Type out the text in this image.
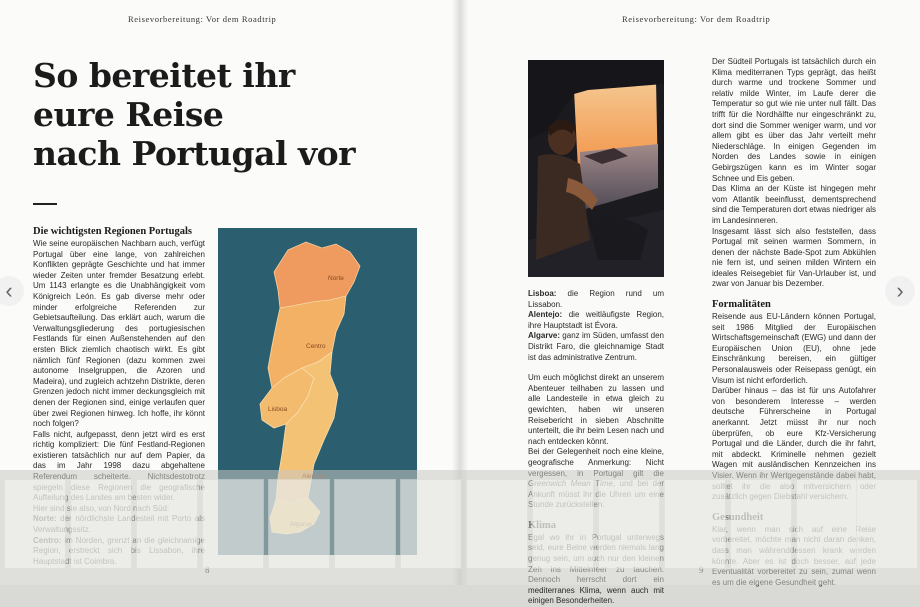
Reisevorbereitung: Vor dem Roadtrip
So bereitet ihr
eure Reise
nach Portugal vor
Die wichtigsten Regionen Portugals

Wie seine europäischen Nachbarn auch, verfügt Portugal über eine lange, von zahlreichen Konflikten geprägte Geschichte und hat immer wieder Zeiten unter fremder Besatzung erlebt. Um 1143 erlangte es die Unabhängigkeit vom Königreich León. Es gab diverse mehr oder minder erfolgreiche Referenden zur Gebietsaufteilung. Das erklärt auch, warum die Verwaltungsgliederung des portugiesischen Festlands für einen Außenstehenden auf den ersten Blick ziemlich chaotisch wirkt. Es gibt nämlich fünf Regionen (dazu kommen zwei autonome Inselgruppen, die Azoren und Madeira), und zugleich achtzehn Distrikte, deren Grenzen jedoch nicht immer deckungsgleich mit denen der Regionen sind, einige verlaufen quer über zwei Regionen hinweg. Ich hoffe, ihr könnt noch folgen?

Falls nicht, aufgepasst, denn jetzt wird es erst richtig kompliziert: Die fünf Festland-Regionen existieren tatsächlich nur auf dem Papier, da das im Jahr 1998 dazu abgehaltene

Norte
Centro
Lisboa
Reisevorbereitung: Vor dem Roadtrip

Lisboa: die Region rund um Lissabon.

Alentejo: die weitläufigste Region, ihre Hauptstadt ist Évora.

Algarve: ganz im Süden, umfasst den Distrikt Faro, die gleichnamige Stadt ist das administrative Zentrum.

Um euch möglichst direkt an unserem Abenteuer teilhaben zu lassen und alle Landesteile in etwa gleich zu gewichten, haben wir unseren Reisebericht in sieben Abschnitte unterteilt, die ihr beim Lesen nach und nach entdecken könnt.

Bei der Gelegenheit noch eine kleine, geografische Anmerkung: Nicht

mediterranes Klima, wenn auch mit einigen Besonderheiten.

Der Südteil Portugals ist tatsächlich durch ein Klima mediterranen Typs geprägt, das heißt durch warme und trockene Sommer und relativ milde Winter, im Laufe derer die Temperatur so gut wie nie unter null fällt. Das trifft für die Nordhälfte nur eingeschränkt zu, dort sind die Sommer weniger warm, und vor allem gibt es über das Jahr verteilt mehr Niederschläge. In einigen Gegenden im Norden des Landes sowie in einigen Gebirgszügen kann es im Winter sogar Schnee und Eis geben.

Das Klima an der Küste ist hingegen mehr vom Atlantik beeinflusst, dementsprechend sind die Temperaturen dort etwas niedriger als im Landesinneren.

Insgesamt lässt sich also feststellen, dass Portugal mit seinen warmen Sommern, in denen der nächste Bade-Spot zum Abkühlen nie fern ist, und seinen milden Wintern ein ideales Reisegebiet für Van-Urlauber ist, und zwar von Januar bis Dezember.

Formalitäten

Reisende aus EU-Ländern können Portugal, seit 1986 Mitglied der Europäischen Wirtschaftsgemeinschaft (EWG) und dann der Europäischen Union (EU), ohne jede Einschränkung bereisen, ein gültiger Personalausweis oder Reisepass genügt, ein Visum ist nicht erforderlich.

Darüber hinaus – das ist für uns Autofahrer von besonderem Interesse – werden deutsche Führerscheine in Portugal anerkannt. Jetzt müsst ihr nur noch überprüfen, ob eure Kfz-Versicherung Portugal und die Länder, durch die ihr fahrt, mit abdeckt. Kriminelle nehmen gezielt Wagen mit ausländischen Kennzeichen ins

‹	›
